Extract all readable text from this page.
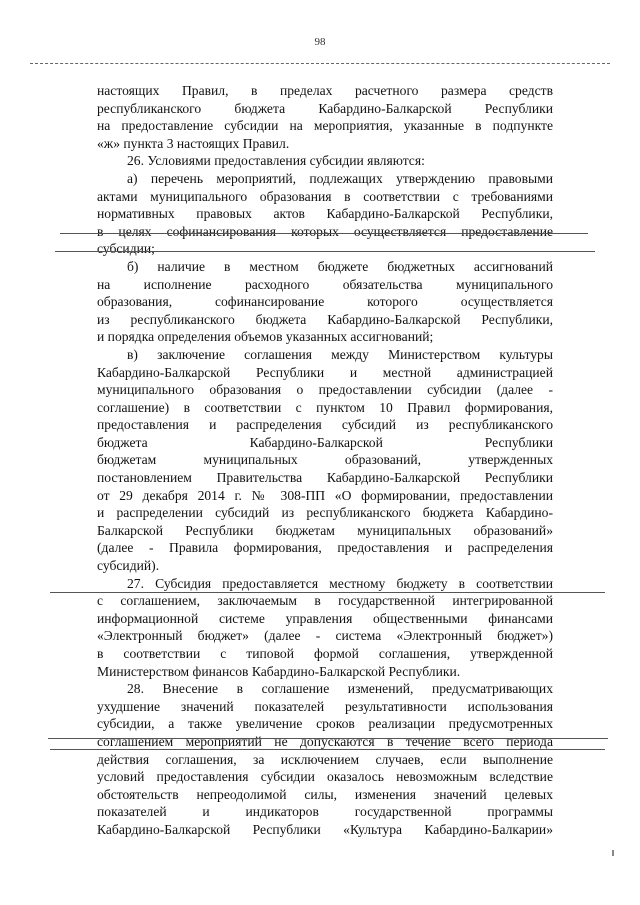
98
настоящих Правил, в пределах расчетного размера средств
республиканского бюджета Кабардино-Балкарской Республики
на предоставление субсидии на мероприятия, указанные в подпункте
«ж» пункта 3 настоящих Правил.
26. Условиями предоставления субсидии являются:
а) перечень мероприятий, подлежащих утверждению правовыми
актами муниципального образования в соответствии с требованиями
нормативных правовых актов Кабардино-Балкарской Республики,
в целях софинансирования которых осуществляется предоставление
субсидии;
б) наличие в местном бюджете бюджетных ассигнований
на исполнение расходного обязательства муниципального
образования, софинансирование которого осуществляется
из республиканского бюджета Кабардино-Балкарской Республики,
и порядка определения объемов указанных ассигнований;
в) заключение соглашения между Министерством культуры
Кабардино-Балкарской Республики и местной администрацией
муниципального образования о предоставлении субсидии (далее -
соглашение) в соответствии с пунктом 10 Правил формирования,
предоставления и распределения субсидий из республиканского
бюджета Кабардино-Балкарской Республики
бюджетам муниципальных образований, утвержденных
постановлением Правительства Кабардино-Балкарской Республики
от 29 декабря 2014 г. № 308-ПП «О формировании, предоставлении
и распределении субсидий из республиканского бюджета Кабардино-
Балкарской Республики бюджетам муниципальных образований»
(далее - Правила формирования, предоставления и распределения
субсидий).
27. Субсидия предоставляется местному бюджету в соответствии
с соглашением, заключаемым в государственной интегрированной
информационной системе управления общественными финансами
«Электронный бюджет» (далее - система «Электронный бюджет»)
в соответствии с типовой формой соглашения, утвержденной
Министерством финансов Кабардино-Балкарской Республики.
28. Внесение в соглашение изменений, предусматривающих
ухудшение значений показателей результативности использования
субсидии, а также увеличение сроков реализации предусмотренных
соглашением мероприятий не допускаются в течение всего периода
действия соглашения, за исключением случаев, если выполнение
условий предоставления субсидии оказалось невозможным вследствие
обстоятельств непреодолимой силы, изменения значений целевых
показателей и индикаторов государственной программы
Кабардино-Балкарской Республики «Культура Кабардино-Балкарии»
